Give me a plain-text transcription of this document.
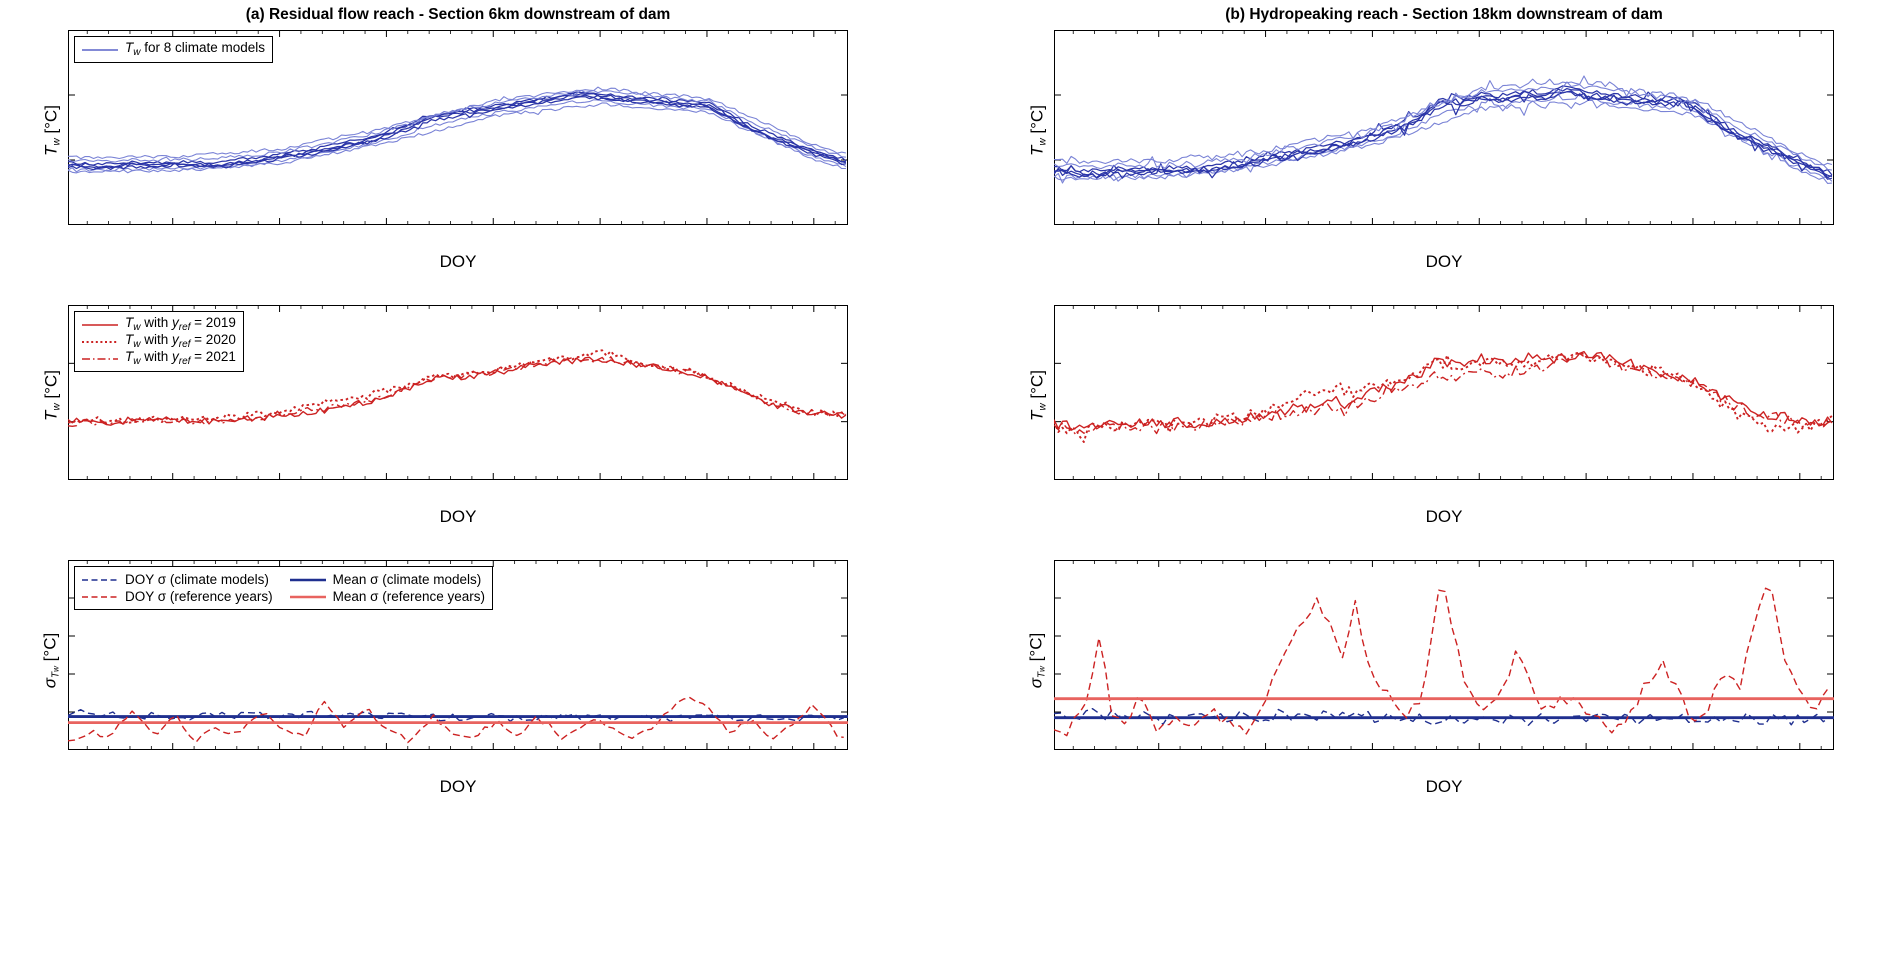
(a) Residual flow reach - Section 6km downstream of dam
$T_w$ for 8 climate models
DOY
$T_w$ [°C]
(b) Hydropeaking reach - Section 18km downstream of dam
DOY
$T_w$ [°C]
$T_w$ with $y_{ref} = 2019$
$T_w$ with $y_{ref} = 2020$
$T_w$ with $y_{ref} = 2021$
DOY
$T_w$ [°C]
DOY
$T_w$ [°C]
DOY σ (climate models)
DOY σ (reference years)
Mean σ (climate models)
Mean σ (reference years)
DOY
$\sigma_{Tw}$ [°C]
DOY
$\sigma_{Tw}$ [°C]
